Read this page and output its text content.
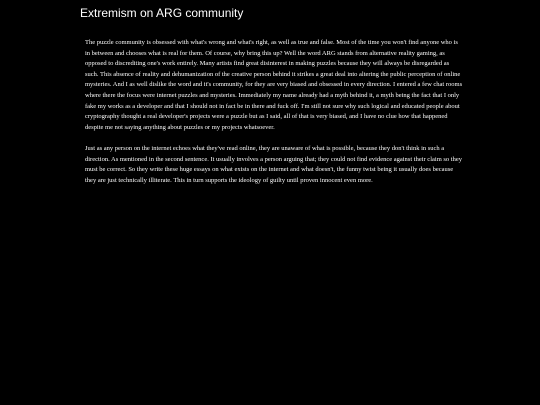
Extremism on ARG community

The puzzle community is obsessed with what's wrong and what's right, as well as true and false. Most of the time you won't find anyone who is in between and chooses what is real for them. Of course, why bring this up? Well the word ARG stands from alternative reality gaming, as opposed to discrediting one's work entirely. Many artists find great disinterest in making puzzles because they will always be disregarded as such. This absence of reality and dehumanization of the creative person behind it strikes a great deal into altering the public perception of online mysteries. And I as well dislike the word and it's community, for they are very biased and obsessed in every direction. I entered a few chat rooms where there the focus were internet puzzles and mysteries. Immediately my name already had a myth behind it, a myth being the fact that I only fake my works as a developer and that I should not in fact be in there and fuck off. I'm still not sure why such logical and educated people about cryptography thought a real developer's projects were a puzzle but as I said, all of that is very biased, and I have no clue how that happened despite me not saying anything about puzzles or my projects whatsoever.

Just as any person on the internet echoes what they've read online, they are unaware of what is possible, because they don't think in such a direction. As mentioned in the second sentence. It usually involves a person arguing that; they could not find evidence against their claim so they must be correct. So they write these huge essays on what exists on the internet and what doesn't, the funny twist being it usually does because they are just technically illiterate. This in turn supports the ideology of guilty until proven innocent even more.
